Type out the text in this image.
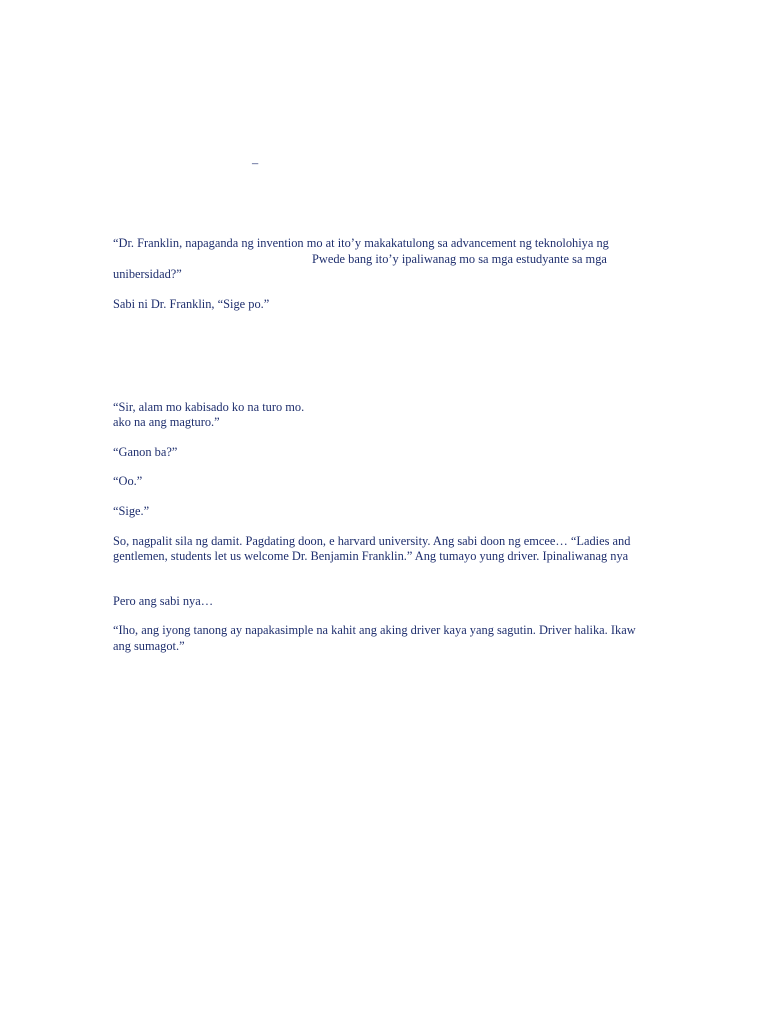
–
“Dr. Franklin, napaganda ng invention mo at ito’y makakatulong sa advancement ng teknolohiya ng
Pwede bang ito’y ipaliwanag mo sa mga estudyante sa mga
unibersidad?”
Sabi ni Dr. Franklin, “Sige po.”
“Sir, alam mo kabisado ko na turo mo.
ako na ang magturo.”
“Ganon ba?”
“Oo.”
“Sige.”
So, nagpalit sila ng damit. Pagdating doon, e harvard university. Ang sabi doon ng emcee… “Ladies and
gentlemen, students let us welcome Dr. Benjamin Franklin.” Ang tumayo yung driver. Ipinaliwanag nya
Pero ang sabi nya…
“Iho, ang iyong tanong ay napakasimple na kahit ang aking driver kaya yang sagutin. Driver halika. Ikaw
ang sumagot.”
